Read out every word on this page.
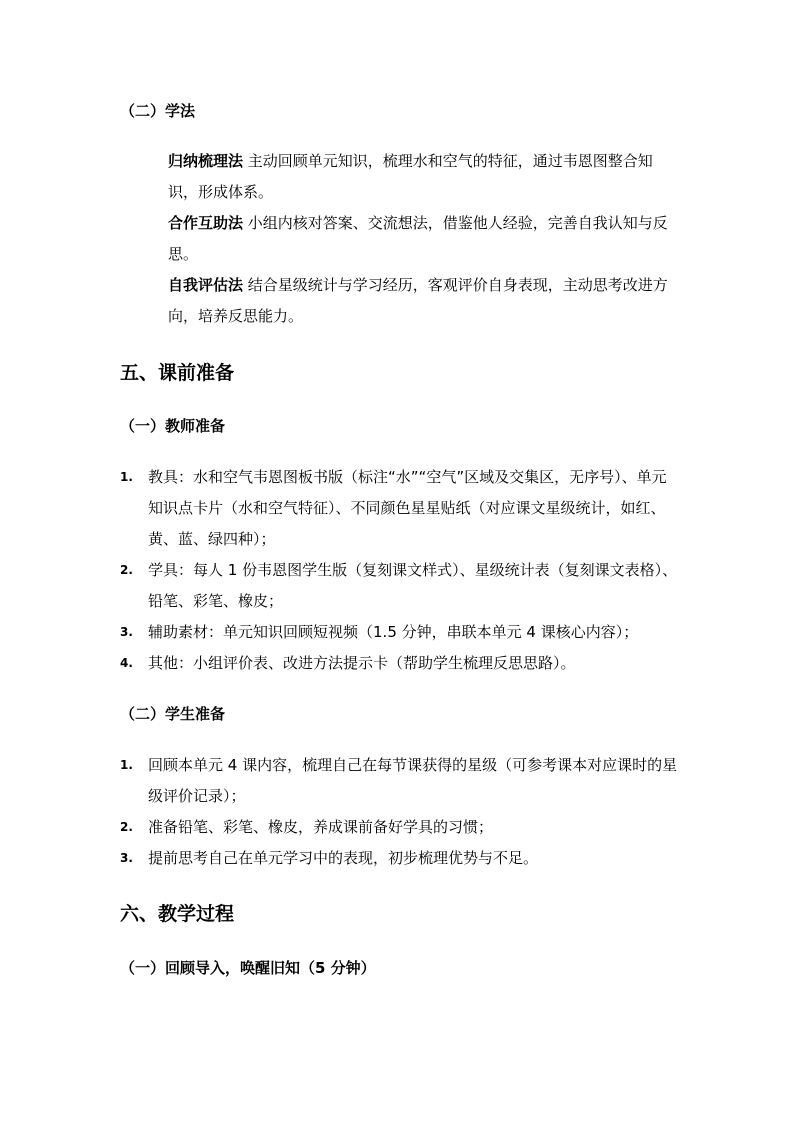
（二）学法
归纳梳理法 主动回顾单元知识，梳理水和空气的特征，通过韦恩图整合知识，形成体系。
合作互助法 小组内核对答案、交流想法，借鉴他人经验，完善自我认知与反思。
自我评估法 结合星级统计与学习经历，客观评价自身表现，主动思考改进方向，培养反思能力。
五、课前准备
（一）教师准备
1.	教具：水和空气韦恩图板书版（标注“水”“空气”区域及交集区，无序号）、单元知识点卡片（水和空气特征）、不同颜色星星贴纸（对应课文星级统计，如红、黄、蓝、绿四种）；
2.	学具：每人 1 份韦恩图学生版（复刻课文样式）、星级统计表（复刻课文表格）、铅笔、彩笔、橡皮；
3.	辅助素材：单元知识回顾短视频（1.5 分钟，串联本单元 4 课核心内容）；
4.	其他：小组评价表、改进方法提示卡（帮助学生梳理反思思路）。
（二）学生准备
1.	回顾本单元 4 课内容，梳理自己在每节课获得的星级（可参考课本对应课时的星级评价记录）；
2.	准备铅笔、彩笔、橡皮，养成课前备好学具的习惯；
3.	提前思考自己在单元学习中的表现，初步梳理优势与不足。
六、教学过程
（一）回顾导入，唤醒旧知（5 分钟）
